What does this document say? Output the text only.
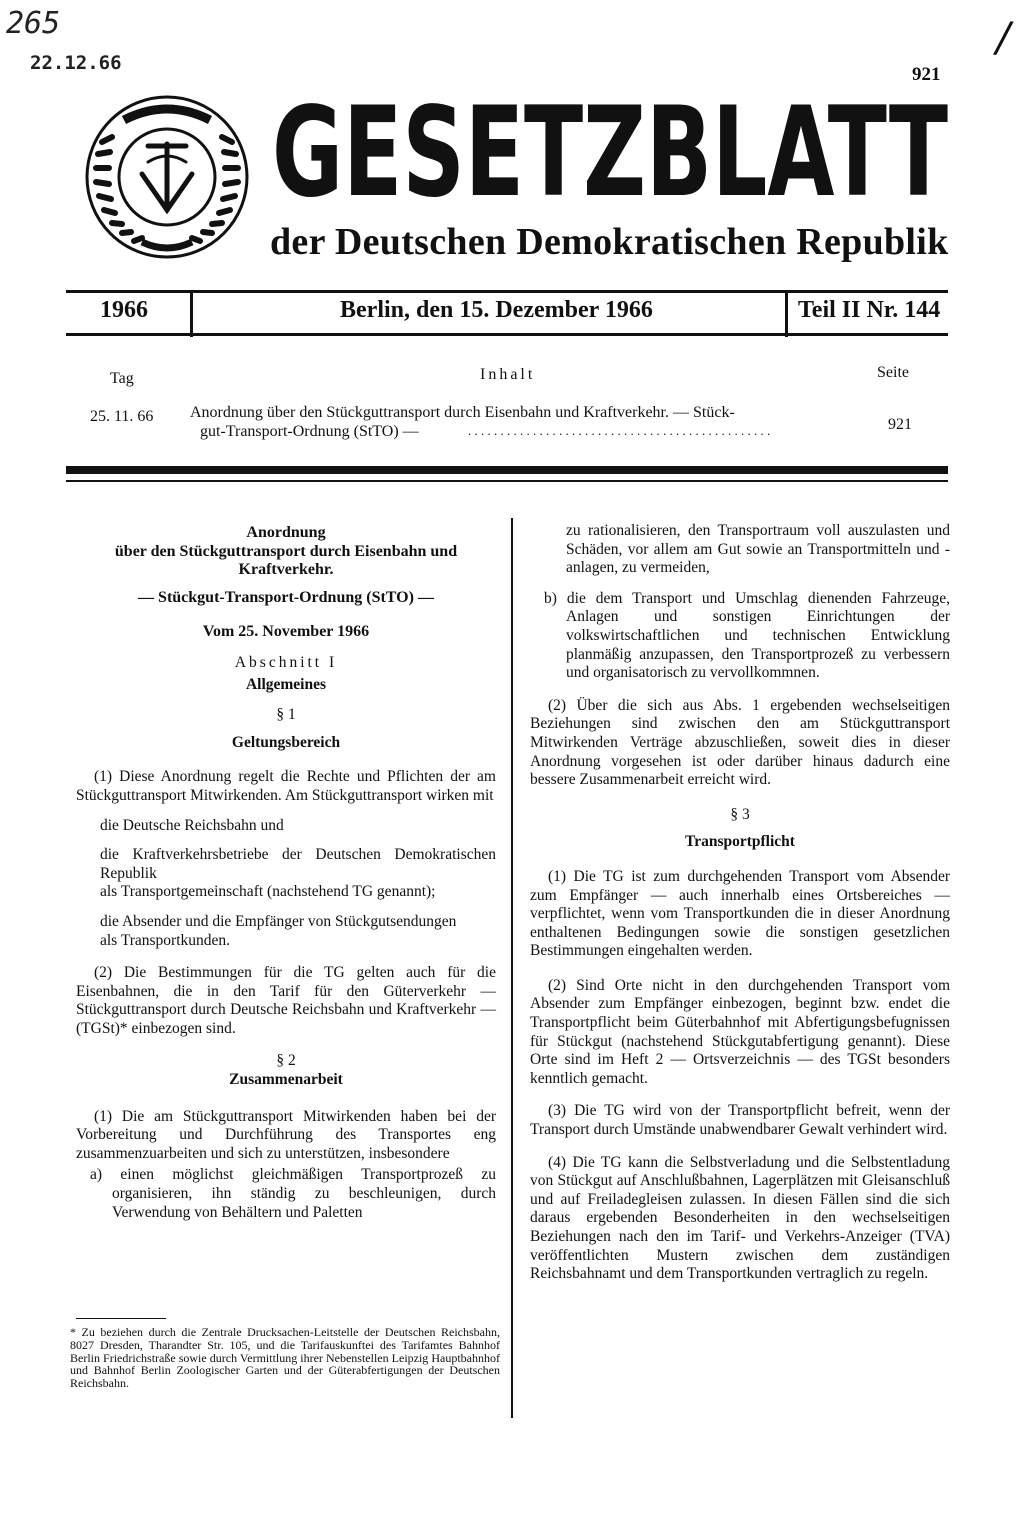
265
22.12.66	/
921
GESETZBLATT
der Deutschen Demokratischen Republik
1966	Berlin, den 15. Dezember 1966	Teil II Nr. 144
Tag	Inhalt	Seite
25. 11. 66 Anordnung über den Stückguttransport durch Eisenbahn und Kraftverkehr. — Stück-
gut-Transport-Ordnung (StTO) —	. . . . . . . . . . . . . . . . . . . . . . . . . . . . . . . . . . . . . . . . . . . . . . .	921

Anordnung

über den Stückguttransport durch Eisenbahn und

Kraftverkehr.

— Stückgut-Transport-Ordnung (StTO) —

Vom 25. November 1966

Abschnitt I

Allgemeines

§ 1

Geltungsbereich

(1) Diese Anordnung regelt die Rechte und Pflichten der am Stückguttransport Mitwirkenden. Am Stückguttransport wirken mit

die Deutsche Reichsbahn und

die Kraftverkehrsbetriebe der Deutschen Demokratischen Republik

als Transportgemeinschaft (nachstehend TG genannt);

die Absender und die Empfänger von Stückgutsendungen

als Transportkunden.

(2) Die Bestimmungen für die TG gelten auch für die Eisenbahnen, die in den Tarif für den Güterverkehr — Stückguttransport durch Deutsche Reichsbahn und Kraftverkehr — (TGSt)* einbezogen sind.

§ 2

Zusammenarbeit

(1) Die am Stückguttransport Mitwirkenden haben bei der Vorbereitung und Durchführung des Transportes eng zusammenzuarbeiten und sich zu unterstützen, insbesondere

a) einen möglichst gleichmäßigen Transportprozeß zu organisieren, ihn ständig zu beschleunigen, durch Verwendung von Behältern und Paletten

* Zu beziehen durch die Zentrale Drucksachen-Leitstelle der Deutschen Reichsbahn, 8027 Dresden, Tharandter Str. 105, und die Tarifauskunftei des Tarifamtes Bahnhof Berlin Friedrichstraße sowie durch Vermittlung ihrer Nebenstellen Leipzig Hauptbahnhof und Bahnhof Berlin Zoologischer Garten und der Güterabfertigungen der Deutschen Reichsbahn.

zu rationalisieren, den Transportraum voll auszulasten und Schäden, vor allem am Gut sowie an Transportmitteln und -anlagen, zu vermeiden,

b) die dem Transport und Umschlag dienenden Fahrzeuge, Anlagen und sonstigen Einrichtungen der volkswirtschaftlichen und technischen Entwicklung planmäßig anzupassen, den Transportprozeß zu verbessern und organisatorisch zu vervollkommnen.

(2) Über die sich aus Abs. 1 ergebenden wechselseitigen Beziehungen sind zwischen den am Stückguttransport Mitwirkenden Verträge abzuschließen, soweit dies in dieser Anordnung vorgesehen ist oder darüber hinaus dadurch eine bessere Zusammenarbeit erreicht wird.

§ 3

Transportpflicht

(1) Die TG ist zum durchgehenden Transport vom Absender zum Empfänger — auch innerhalb eines Ortsbereiches — verpflichtet, wenn vom Transportkunden die in dieser Anordnung enthaltenen Bedingungen sowie die sonstigen gesetzlichen Bestimmungen eingehalten werden.

(2) Sind Orte nicht in den durchgehenden Transport vom Absender zum Empfänger einbezogen, beginnt bzw. endet die Transportpflicht beim Güterbahnhof mit Abfertigungsbefugnissen für Stückgut (nachstehend Stückgutabfertigung genannt). Diese Orte sind im Heft 2 — Ortsverzeichnis — des TGSt besonders kenntlich gemacht.

(3) Die TG wird von der Transportpflicht befreit, wenn der Transport durch Umstände unabwendbarer Gewalt verhindert wird.

(4) Die TG kann die Selbstverladung und die Selbstentladung von Stückgut auf Anschlußbahnen, Lagerplätzen mit Gleisanschluß und auf Freiladegleisen zulassen. In diesen Fällen sind die sich daraus ergebenden Besonderheiten in den wechselseitigen Beziehungen nach den im Tarif- und Verkehrs-Anzeiger (TVA) veröffentlichten Mustern zwischen dem zuständigen Reichsbahnamt und dem Transportkunden vertraglich zu regeln.
